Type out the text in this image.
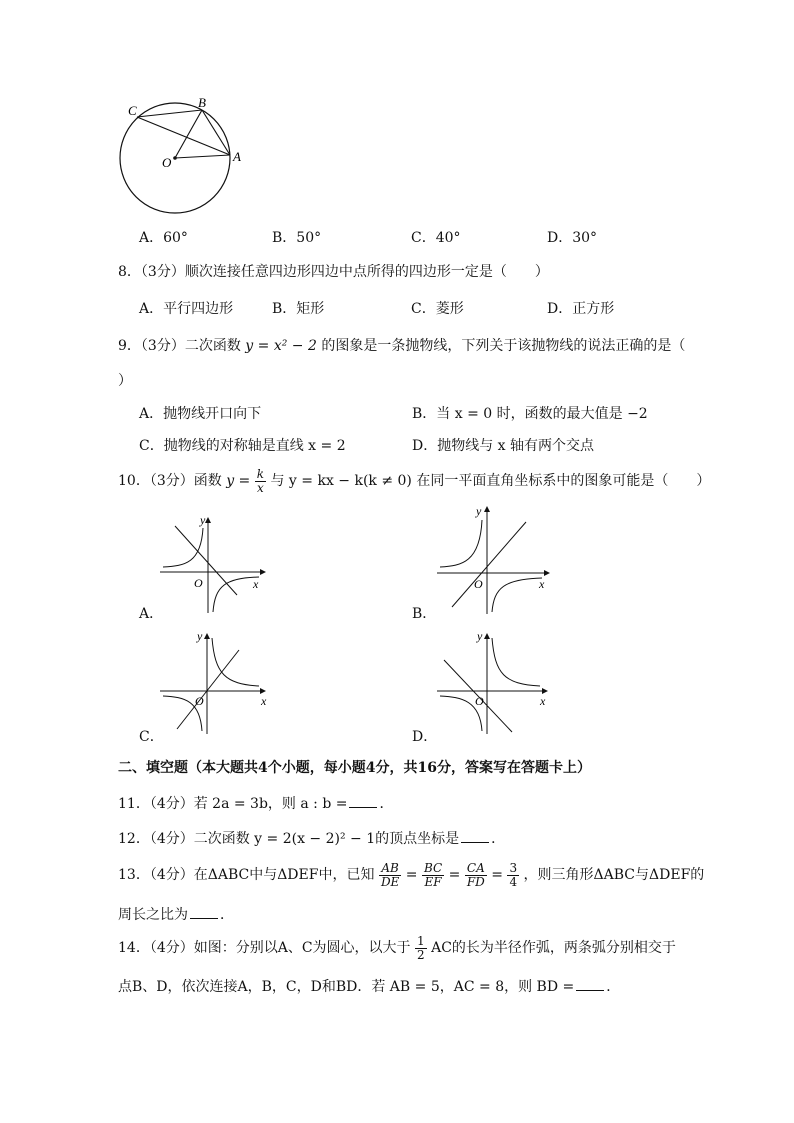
C
B
O	A
A．60°	B．50°	C．40°	D．30°
8．（3分）顺次连接任意四边形四边中点所得的四边形一定是（　　）
A．平行四边形	B．矩形	C．菱形	D．正方形
9．（3分）二次函数 y = x² − 2 的图象是一条抛物线，下列关于该抛物线的说法正确的是（
）
A．抛物线开口向下	B．当 x = 0 时，函数的最大值是 −2
C．抛物线的对称轴是直线 x = 2	D．抛物线与 x 轴有两个交点
10．（3分）函数 $y = \frac{k}{x}$ 与 y = kx − k(k ≠ 0) 在同一平面直角坐标系中的图象可能是（　　）
y
x
O
A．
y
x
O
B．
y
x
O
C．
y
x
O
D．
二、填空题（本大题共4个小题，每小题4分，共16分，答案写在答题卡上）
11．（4分）若 2a = 3b，则 a : b = ．
12．（4分）二次函数 y = 2(x − 2)² − 1的顶点坐标是 ．
13．（4分）在ΔABC中与ΔDEF中，已知 $\frac{AB}{DE} = \frac{BC}{EF} = \frac{CA}{FD} = \frac{3}{4}$ ，则三角形ΔABC与ΔDEF的
周长之比为 ．
14．（4分）如图：分别以A、C为圆心，以大于 $\frac{1}{2}$ AC的长为半径作弧，两条弧分别相交于
点B、D，依次连接A，B，C，D和BD．若 AB = 5，AC = 8，则 BD = ．
